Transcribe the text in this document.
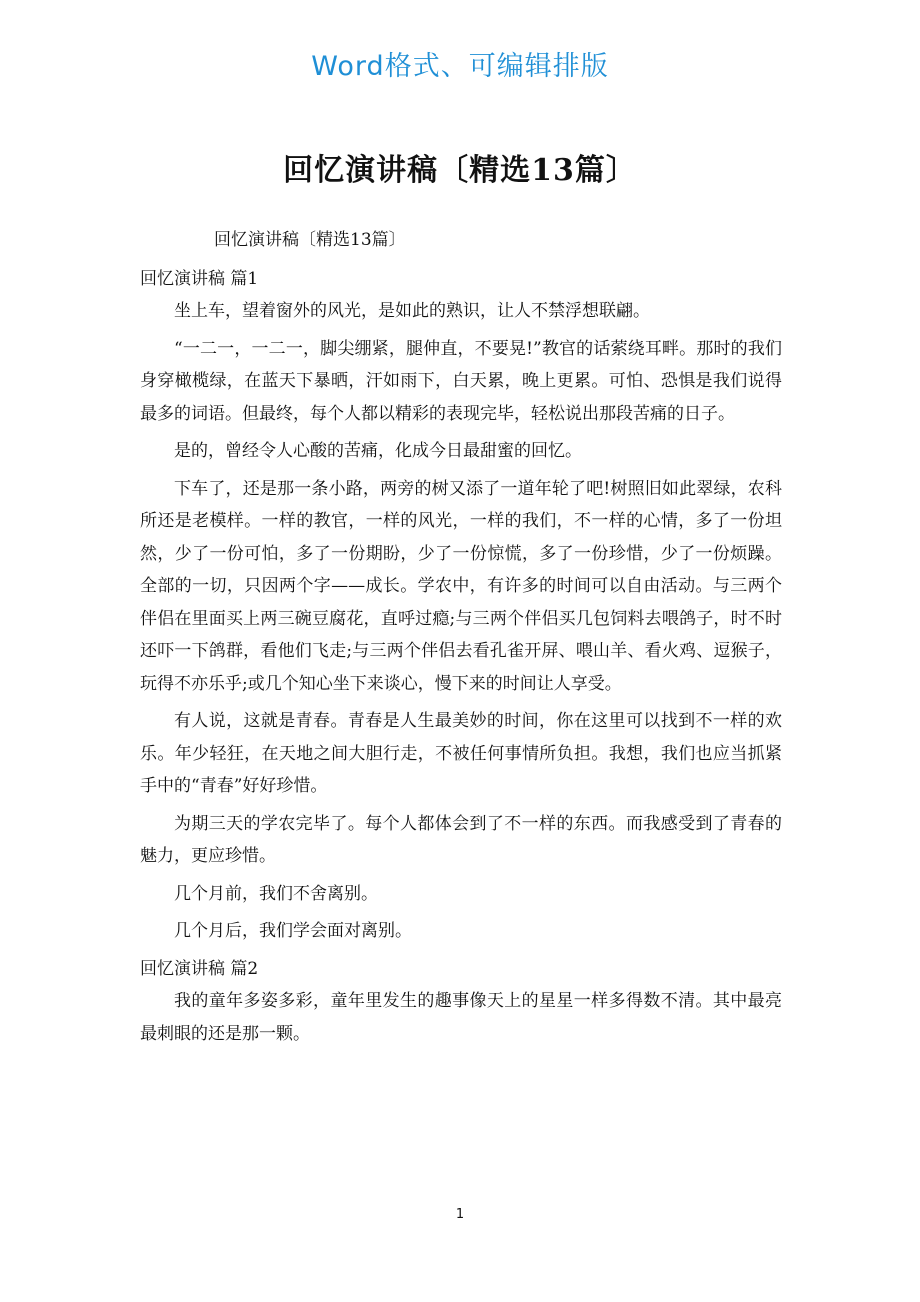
Word格式、可编辑排版
回忆演讲稿〔精选13篇〕

回忆演讲稿〔精选13篇〕

回忆演讲稿 篇1

坐上车，望着窗外的风光，是如此的熟识，让人不禁浮想联翩。

“一二一，一二一，脚尖绷紧，腿伸直，不要晃!”教官的话萦绕耳畔。那时的我们身穿橄榄绿，在蓝天下暴晒，汗如雨下，白天累，晚上更累。可怕、恐惧是我们说得最多的词语。但最终，每个人都以精彩的表现完毕，轻松说出那段苦痛的日子。

是的，曾经令人心酸的苦痛，化成今日最甜蜜的回忆。

下车了，还是那一条小路，两旁的树又添了一道年轮了吧!树照旧如此翠绿，农科所还是老模样。一样的教官，一样的风光，一样的我们，不一样的心情，多了一份坦然，少了一份可怕，多了一份期盼，少了一份惊慌，多了一份珍惜，少了一份烦躁。全部的一切，只因两个字——成长。学农中，有许多的时间可以自由活动。与三两个伴侣在里面买上两三碗豆腐花，直呼过瘾;与三两个伴侣买几包饲料去喂鸽子，时不时还吓一下鸽群，看他们飞走;与三两个伴侣去看孔雀开屏、喂山羊、看火鸡、逗猴子，玩得不亦乐乎;或几个知心坐下来谈心，慢下来的时间让人享受。

有人说，这就是青春。青春是人生最美妙的时间，你在这里可以找到不一样的欢乐。年少轻狂，在天地之间大胆行走，不被任何事情所负担。我想，我们也应当抓紧手中的“青春”好好珍惜。

为期三天的学农完毕了。每个人都体会到了不一样的东西。而我感受到了青春的魅力，更应珍惜。

几个月前，我们不舍离别。

几个月后，我们学会面对离别。

回忆演讲稿 篇2

我的童年多姿多彩，童年里发生的趣事像天上的星星一样多得数不清。其中最亮最刺眼的还是那一颗。

1
